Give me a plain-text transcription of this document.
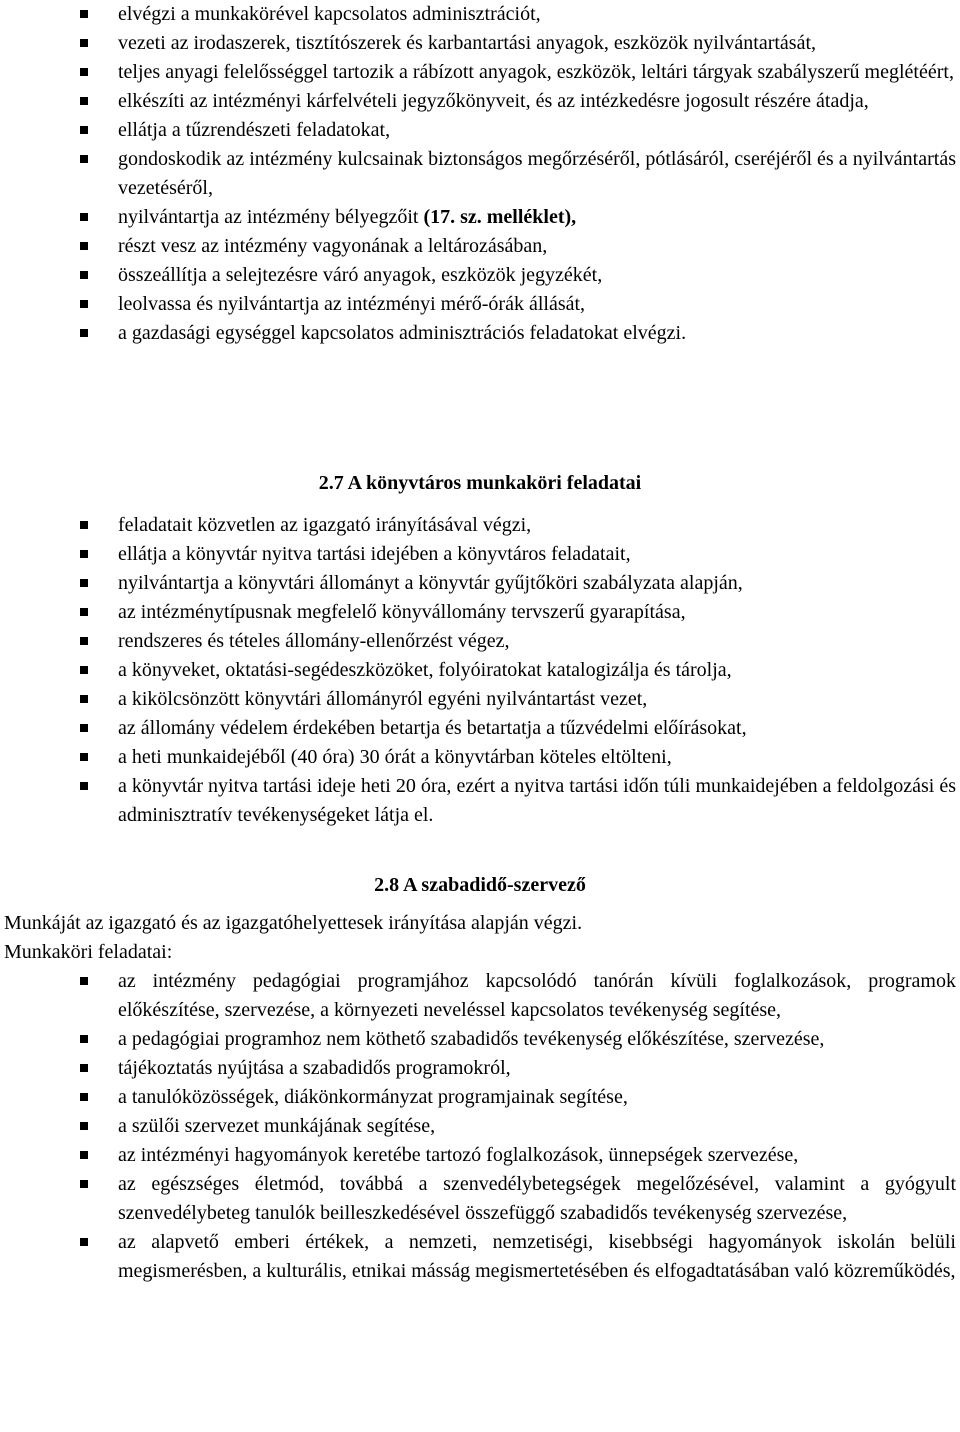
elvégzi a munkakörével kapcsolatos adminisztrációt,
vezeti az irodaszerek, tisztítószerek és karbantartási anyagok, eszközök nyilvántartását,
teljes anyagi felelősséggel tartozik a rábízott anyagok, eszközök, leltári tárgyak szabályszerű meglétéért,
elkészíti az intézményi kárfelvételi jegyzőkönyveit, és az intézkedésre jogosult részére átadja,
ellátja a tűzrendészeti feladatokat,
gondoskodik az intézmény kulcsainak biztonságos megőrzéséről, pótlásáról, cseréjéről és a nyilvántartás vezetéséről,
nyilvántartja az intézmény bélyegzőit (17. sz. melléklet),
részt vesz az intézmény vagyonának a leltározásában,
összeállítja a selejtezésre váró anyagok, eszközök jegyzékét,
leolvassa és nyilvántartja az intézményi mérő-órák állását,
a gazdasági egységgel kapcsolatos adminisztrációs feladatokat elvégzi.
2.7 A könyvtáros munkaköri feladatai
feladatait közvetlen az igazgató irányításával végzi,
ellátja a könyvtár nyitva tartási idejében a könyvtáros feladatait,
nyilvántartja a könyvtári állományt a könyvtár gyűjtőköri szabályzata alapján,
az intézménytípusnak megfelelő könyvállomány tervszerű gyarapítása,
rendszeres és tételes állomány-ellenőrzést végez,
a könyveket, oktatási-segédeszközöket, folyóiratokat katalogizálja és tárolja,
a kikölcsönzött könyvtári állományról egyéni nyilvántartást vezet,
az állomány védelem érdekében betartja és betartatja a tűzvédelmi előírásokat,
a heti munkaidejéből (40 óra) 30 órát a könyvtárban köteles eltölteni,
a könyvtár nyitva tartási ideje heti 20 óra, ezért a nyitva tartási időn túli munkaidejében a feldolgozási és adminisztratív tevékenységeket látja el.
2.8 A szabadidő-szervező
Munkáját az igazgató és az igazgatóhelyettesek irányítása alapján végzi.
Munkaköri feladatai:
az intézmény pedagógiai programjához kapcsolódó tanórán kívüli foglalkozások, programok előkészítése, szervezése, a környezeti neveléssel kapcsolatos tevékenység segítése,
a pedagógiai programhoz nem köthető szabadidős tevékenység előkészítése, szervezése,
tájékoztatás nyújtása a szabadidős programokról,
a tanulóközösségek, diákönkormányzat programjainak segítése,
a szülői szervezet munkájának segítése,
az intézményi hagyományok keretébe tartozó foglalkozások, ünnepségek szervezése,
az egészséges életmód, továbbá a szenvedélybetegségek megelőzésével, valamint a gyógyult szenvedélybeteg tanulók beilleszkedésével összefüggő szabadidős tevékenység szervezése,
az alapvető emberi értékek, a nemzeti, nemzetiségi, kisebbségi hagyományok iskolán belüli megismerésben, a kulturális, etnikai másság megismertetésében és elfogadtatásában való közreműködés,
